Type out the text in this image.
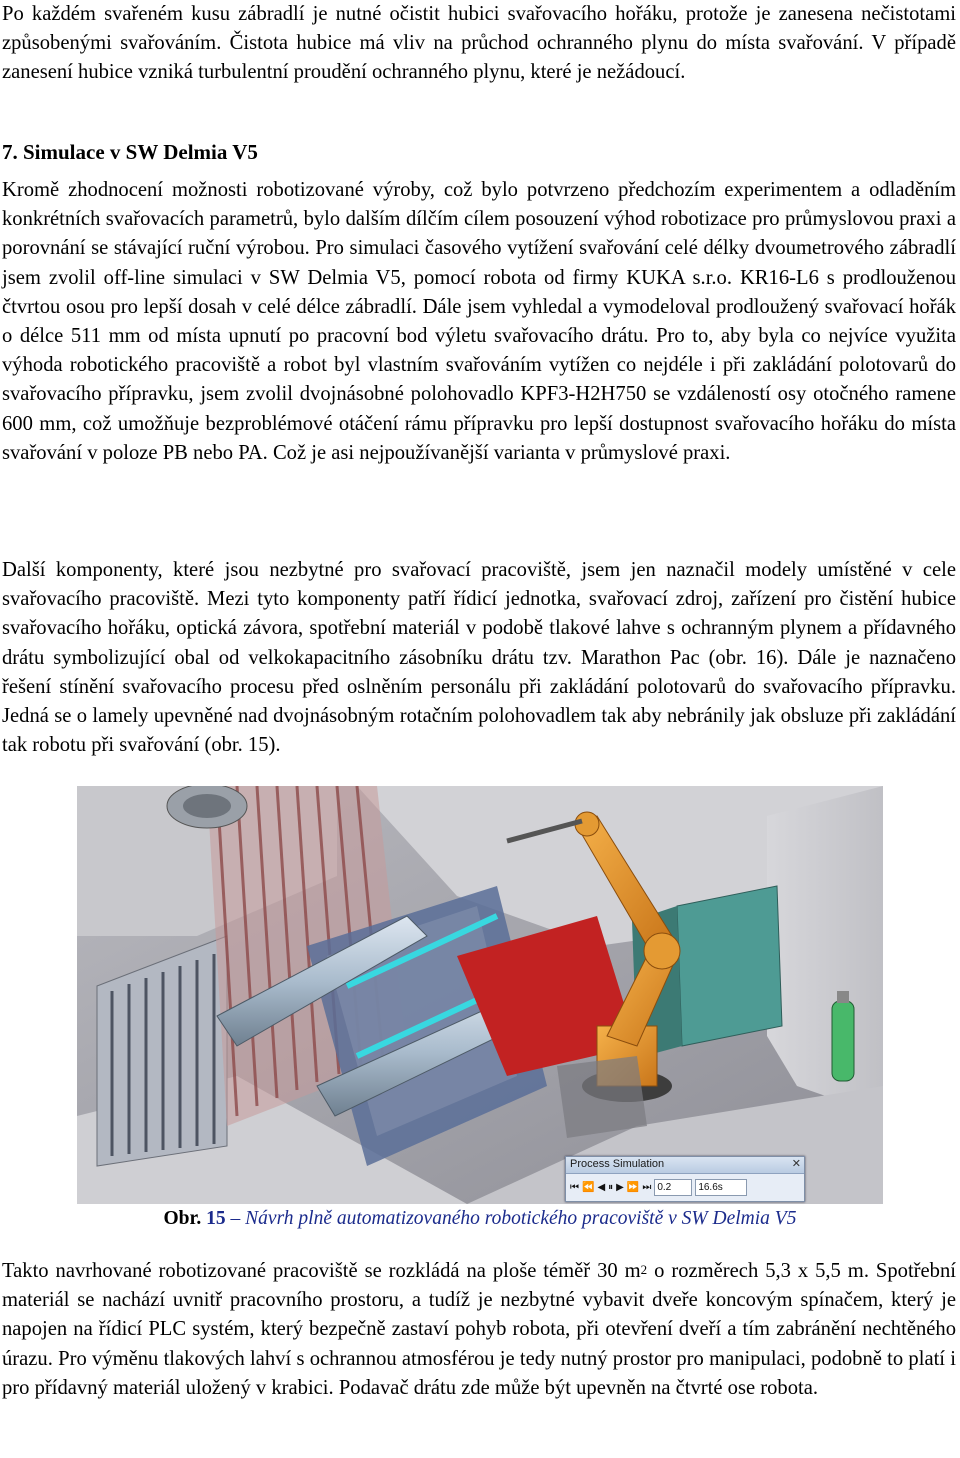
Po každém svařeném kusu zábradlí je nutné očistit hubici svařovacího hořáku, protože je zanesena nečistotami způsobenými svařováním. Čistota hubice má vliv na průchod ochranného plynu do místa svařování. V případě zanesení hubice vzniká turbulentní proudění ochranného plynu, které je nežádoucí.

7. Simulace v SW Delmia V5

Kromě zhodnocení možnosti robotizované výroby, což bylo potvrzeno předchozím experimentem a odladěním konkrétních svařovacích parametrů, bylo dalším dílčím cílem posouzení výhod robotizace pro průmyslovou praxi a porovnání se stávající ruční výrobou. Pro simulaci časového vytížení svařování celé délky dvoumetrového zábradlí jsem zvolil off-line simulaci v SW Delmia V5, pomocí robota od firmy KUKA s.r.o. KR16-L6 s prodlouženou čtvrtou osou pro lepší dosah v celé délce zábradlí. Dále jsem vyhledal a vymodeloval prodloužený svařovací hořák o délce 511 mm od místa upnutí po pracovní bod výletu svařovacího drátu. Pro to, aby byla co nejvíce využita výhoda robotického pracoviště a robot byl vlastním svařováním vytížen co nejdéle i při zakládání polotovarů do svařovacího přípravku, jsem zvolil dvojnásobné polohovadlo KPF3-H2H750 se vzdáleností osy otočného ramene 600 mm, což umožňuje bezproblémové otáčení rámu přípravku pro lepší dostupnost svařovacího hořáku do místa svařování v poloze PB nebo PA. Což je asi nejpoužívanější varianta v průmyslové praxi.

Další komponenty, které jsou nezbytné pro svařovací pracoviště, jsem jen naznačil modely umístěné v cele svařovacího pracoviště. Mezi tyto komponenty patří řídicí jednotka, svařovací zdroj, zařízení pro čistění hubice svařovacího hořáku, optická závora, spotřební materiál v podobě tlakové lahve s ochranným plynem a přídavného drátu symbolizující obal od velkokapacitního zásobníku drátu tzv. Marathon Pac (obr. 16). Dále je naznačeno řešení stínění svařovacího procesu před oslněním personálu při zakládání polotovarů do svařovacího přípravku. Jedná se o lamely upevněné nad dvojnásobným rotačním polohovadlem tak aby nebránily jak obsluze při zakládání tak robotu při svařování (obr. 15).

Process Simulation	✕
⏮ ⏪ ◀ ⏸ ▶ ⏩ ⏭ 0.2	16.6s
Obr. 15 – Návrh plně automatizovaného robotického pracoviště v SW Delmia V5

Takto navrhované robotizované pracoviště se rozkládá na ploše téměř 30 $m^2$ o rozměrech 5,3 x 5,5 m. Spotřební materiál se nachází uvnitř pracovního prostoru, a tudíž je nezbytné vybavit dveře koncovým spínačem, který je napojen na řídicí PLC systém, který bezpečně zastaví pohyb robota, při otevření dveří a tím zabránění nechtěného úrazu. Pro výměnu tlakových lahví s ochrannou atmosférou je tedy nutný prostor pro manipulaci, podobně to platí i pro přídavný materiál uložený v krabici. Podavač drátu zde může být upevněn na čtvrté ose robota.
